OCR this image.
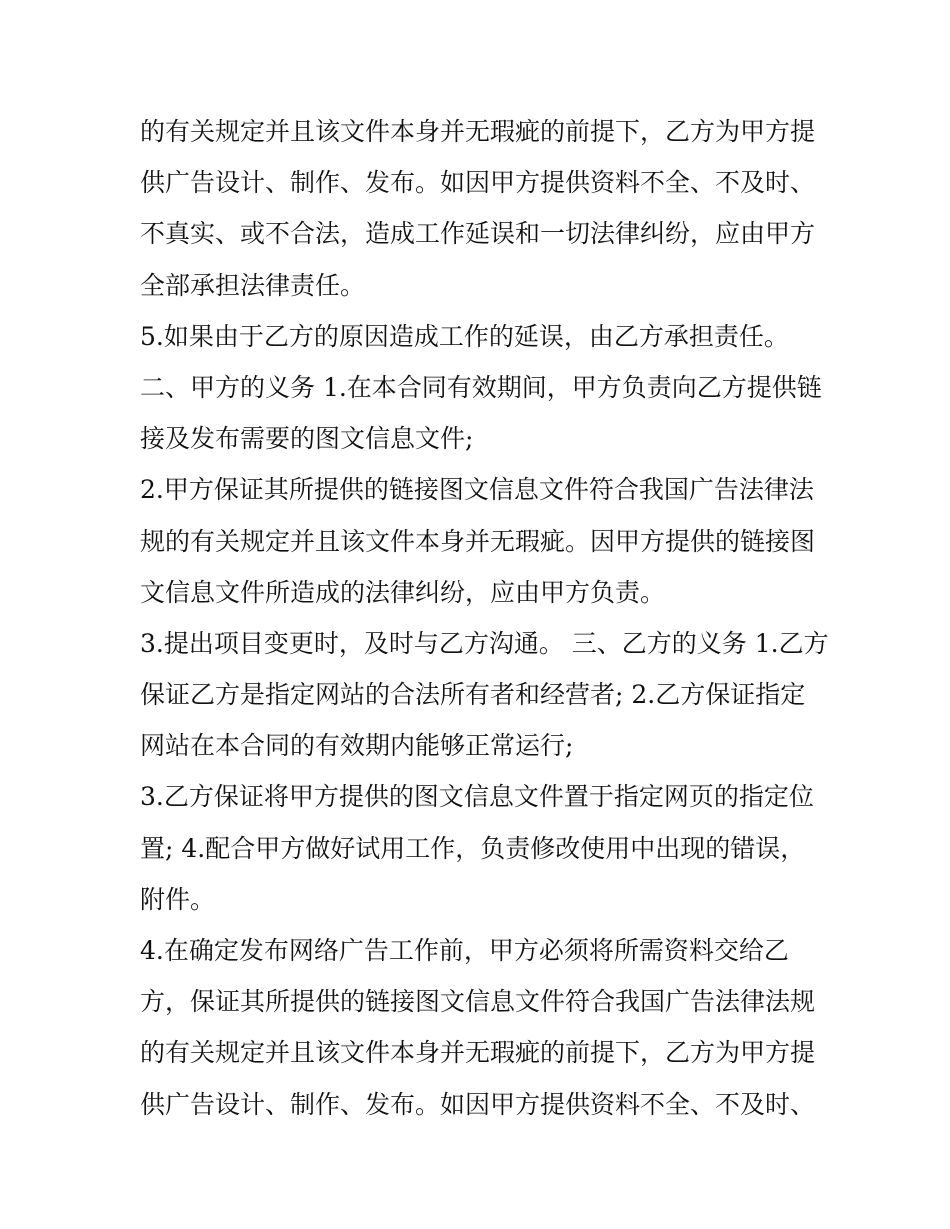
的有关规定并且该文件本身并无瑕疵的前提下，乙方为甲方提
供广告设计、制作、发布。如因甲方提供资料不全、不及时、
不真实、或不合法，造成工作延误和一切法律纠纷，应由甲方
全部承担法律责任。
5.如果由于乙方的原因造成工作的延误，由乙方承担责任。
二、甲方的义务 1.在本合同有效期间，甲方负责向乙方提供链
接及发布需要的图文信息文件;
2.甲方保证其所提供的链接图文信息文件符合我国广告法律法
规的有关规定并且该文件本身并无瑕疵。因甲方提供的链接图
文信息文件所造成的法律纠纷，应由甲方负责。
3.提出项目变更时，及时与乙方沟通。 三、乙方的义务 1.乙方
保证乙方是指定网站的合法所有者和经营者; 2.乙方保证指定
网站在本合同的有效期内能够正常运行;
3.乙方保证将甲方提供的图文信息文件置于指定网页的指定位
置; 4.配合甲方做好试用工作，负责修改使用中出现的错误，
附件。
4.在确定发布网络广告工作前，甲方必须将所需资料交给乙
方，保证其所提供的链接图文信息文件符合我国广告法律法规
的有关规定并且该文件本身并无瑕疵的前提下，乙方为甲方提
供广告设计、制作、发布。如因甲方提供资料不全、不及时、
